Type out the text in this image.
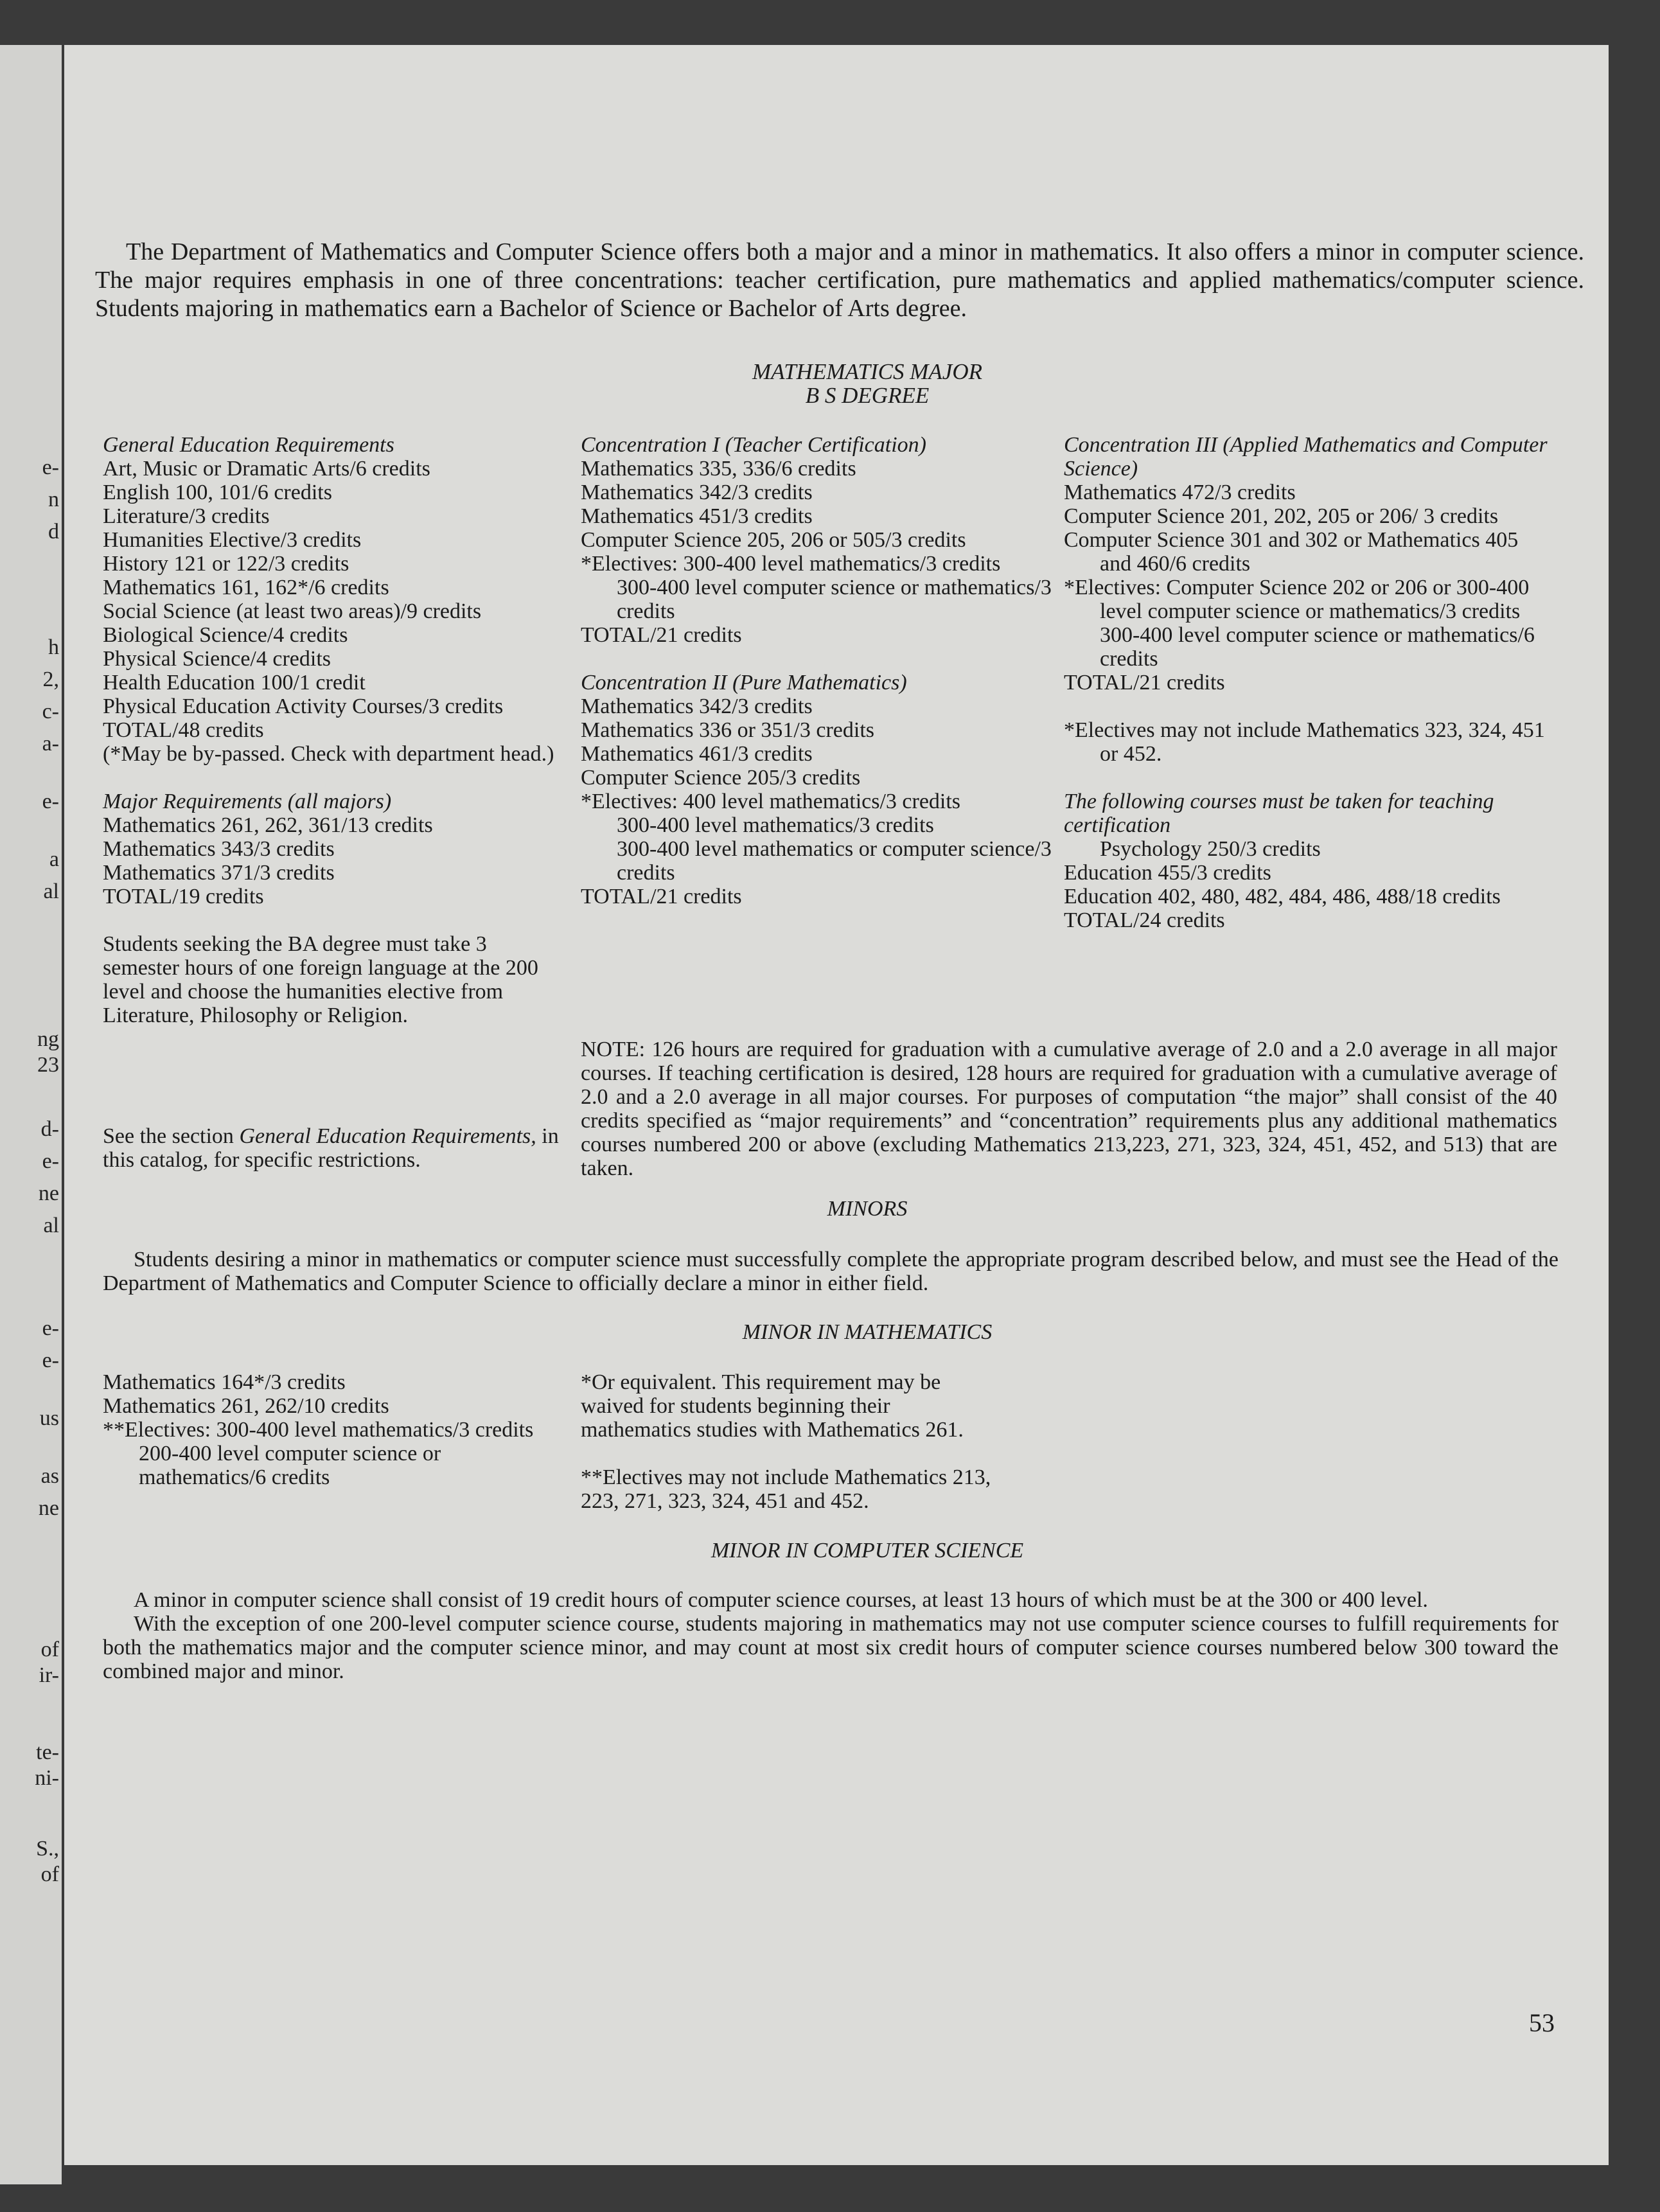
e-
n
d
h
2,
c-
a-
e-
a
al
ng
23
d-
e-
ne
al
e-
e-
us
as
ne
of
ir-
te-
ni-
S.,
of
The Department of Mathematics and Computer Science offers both a major and a minor in mathematics. It also offers a minor in computer science. The major requires emphasis in one of three concentrations: teacher certification, pure mathematics and applied mathematics/computer science. Students majoring in mathematics earn a Bachelor of Science or Bachelor of Arts degree.

MATHEMATICS MAJOR

B S DEGREE

General Education Requirements

Art, Music or Dramatic Arts/6 credits

English 100, 101/6 credits

Literature/3 credits

Humanities Elective/3 credits

History 121 or 122/3 credits

Mathematics 161, 162*/6 credits

Social Science (at least two areas)/9 credits

Biological Science/4 credits

Physical Science/4 credits

Health Education 100/1 credit

Physical Education Activity Courses/3 credits

TOTAL/48 credits

(*May be by-passed. Check with department head.)

Major Requirements (all majors)

Mathematics 261, 262, 361/13 credits

Mathematics 343/3 credits

Mathematics 371/3 credits

TOTAL/19 credits

Students seeking the BA degree must take 3 semester hours of one foreign language at the 200 level and choose the humanities elective from Literature, Philosophy or Religion.

See the section General Education Requirements, in this catalog, for specific restrictions.

Concentration I (Teacher Certification)

Mathematics 335, 336/6 credits

Mathematics 342/3 credits

Mathematics 451/3 credits

Computer Science 205, 206 or 505/3 credits

*Electives: 300-400 level mathematics/3 credits

300-400 level computer science or mathematics/3 credits

TOTAL/21 credits

Concentration II (Pure Mathematics)

Mathematics 342/3 credits

Mathematics 336 or 351/3 credits

Mathematics 461/3 credits

Computer Science 205/3 credits

*Electives: 400 level mathematics/3 credits

300-400 level mathematics/3 credits

300-400 level mathematics or computer science/3 credits

TOTAL/21 credits

Concentration III (Applied Mathematics and Computer Science)

Mathematics 472/3 credits

Computer Science 201, 202, 205 or 206/ 3 credits

Computer Science 301 and 302 or Mathematics 405 and 460/6 credits

*Electives: Computer Science 202 or 206 or 300-400 level computer science or mathematics/3 credits

300-400 level computer science or mathematics/6 credits

TOTAL/21 credits

*Electives may not include Mathematics 323, 324, 451 or 452.

The following courses must be taken for teaching certification

Psychology 250/3 credits

Education 455/3 credits

Education 402, 480, 482, 484, 486, 488/18 credits

TOTAL/24 credits

NOTE: 126 hours are required for graduation with a cumulative average of 2.0 and a 2.0 average in all major courses. If teaching certification is desired, 128 hours are required for graduation with a cumulative average of 2.0 and a 2.0 average in all major courses. For purposes of computation “the major” shall consist of the 40 credits specified as “major requirements” and “concentration” requirements plus any additional mathematics courses numbered 200 or above (excluding Mathematics 213,223, 271, 323, 324, 451, 452, and 513) that are taken.
MINORS
Students desiring a minor in mathematics or computer science must successfully complete the appropriate program described below, and must see the Head of the Department of Mathematics and Computer Science to officially declare a minor in either field.
MINOR IN MATHEMATICS

Mathematics 164*/3 credits

Mathematics 261, 262/10 credits

**Electives: 300-400 level mathematics/3 credits

200-400 level computer science or mathematics/6 credits

*Or equivalent. This requirement may be waived for students beginning their mathematics studies with Mathematics 261.

**Electives may not include Mathematics 213, 223, 271, 323, 324, 451 and 452.

MINOR IN COMPUTER SCIENCE

A minor in computer science shall consist of 19 credit hours of computer science courses, at least 13 hours of which must be at the 300 or 400 level.

With the exception of one 200-level computer science course, students majoring in mathematics may not use computer science courses to fulfill requirements for both the mathematics major and the computer science minor, and may count at most six credit hours of computer science courses numbered below 300 toward the combined major and minor.

53
